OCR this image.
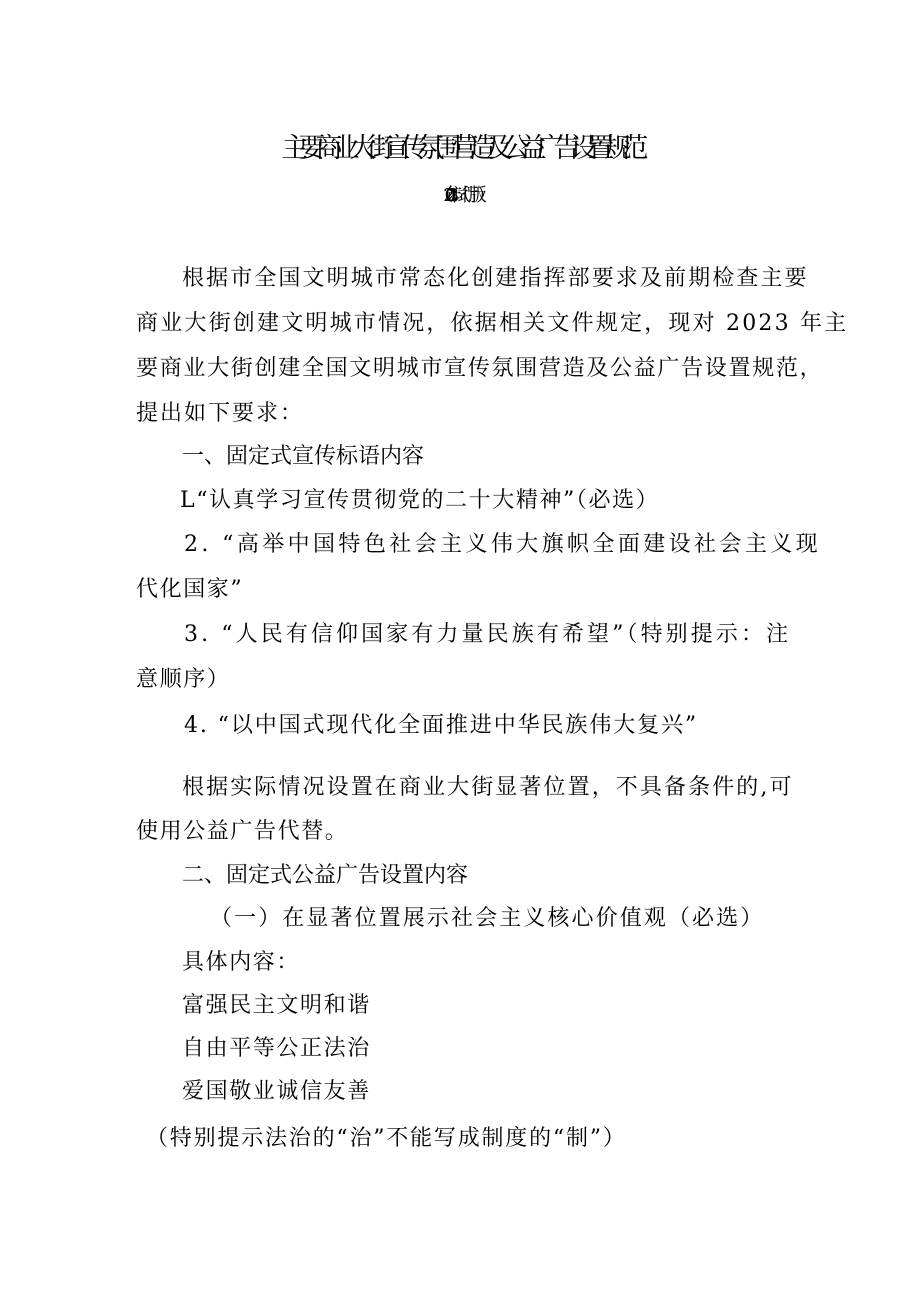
主要商业大街宣传氛围营造及公益广告设置规范
（2023 年试行版）
根据市全国文明城市常态化创建指挥部要求及前期检查主要
商业大街创建文明城市情况，依据相关文件规定，现对 2023 年主
要商业大街创建全国文明城市宣传氛围营造及公益广告设置规范，
提出如下要求：
一、固定式宣传标语内容
L“认真学习宣传贯彻党的二十大精神”（必选）
2. “高举中国特色社会主义伟大旗帜全面建设社会主义现
代化国家”
3. “人民有信仰国家有力量民族有希望”（特别提示：注
意顺序）
4. “以中国式现代化全面推进中华民族伟大复兴”
根据实际情况设置在商业大街显著位置，不具备条件的,可
使用公益广告代替。
二、固定式公益广告设置内容
（一）在显著位置展示社会主义核心价值观（必选）
具体内容：
富强民主文明和谐
自由平等公正法治
爱国敬业诚信友善
（特别提示法治的“治”不能写成制度的“制”）
